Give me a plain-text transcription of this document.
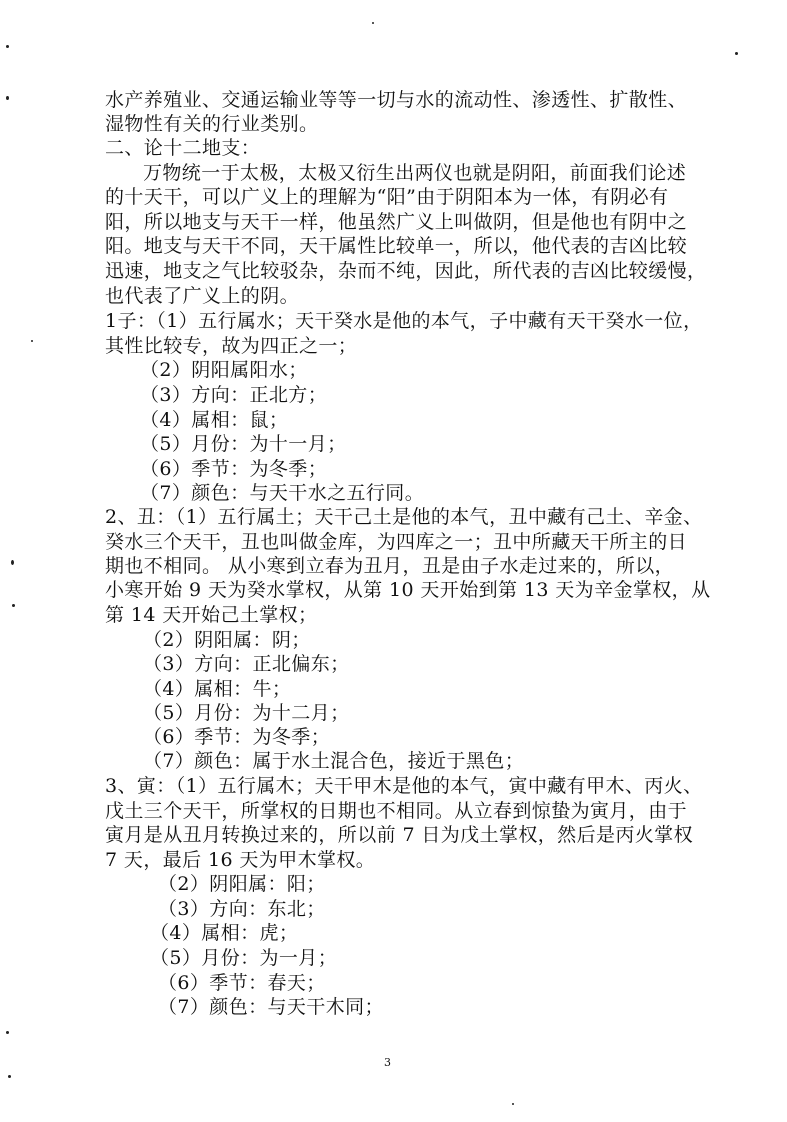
水产养殖业、交通运输业等等一切与水的流动性、渗透性、扩散性、
湿物性有关的行业类别。
二、论十二地支：
万物统一于太极，太极又衍生出两仪也就是阴阳，前面我们论述
的十天干，可以广义上的理解为“阳”由于阴阳本为一体，有阴必有
阳，所以地支与天干一样，他虽然广义上叫做阴，但是他也有阴中之
阳。地支与天干不同，天干属性比较单一，所以，他代表的吉凶比较
迅速，地支之气比较驳杂，杂而不纯，因此，所代表的吉凶比较缓慢，
也代表了广义上的阴。
1子：（1）五行属水；天干癸水是他的本气，子中藏有天干癸水一位，
其性比较专，故为四正之一；
（2）阴阳属阳水；
（3）方向：正北方；
（4）属相：鼠；
（5）月份：为十一月；
（6）季节：为冬季；
（7）颜色：与天干水之五行同。
2、丑：（1）五行属土；天干己土是他的本气，丑中藏有己土、辛金、
癸水三个天干，丑也叫做金库，为四库之一；丑中所藏天干所主的日
期也不相同。 从小寒到立春为丑月，丑是由子水走过来的，所以，
小寒开始 9 天为癸水掌权，从第 10 天开始到第 13 天为辛金掌权，从
第 14 天开始己土掌权；
（2）阴阳属：阴；
（3）方向：正北偏东；
（4）属相：牛；
（5）月份：为十二月；
（6）季节：为冬季；
（7）颜色：属于水土混合色，接近于黑色；
3、寅：（1）五行属木；天干甲木是他的本气，寅中藏有甲木、丙火、
戊土三个天干，所掌权的日期也不相同。从立春到惊蛰为寅月，由于
寅月是从丑月转换过来的，所以前 7 日为戊土掌权，然后是丙火掌权
7 天，最后 16 天为甲木掌权。
（2）阴阳属：阳；
（3）方向：东北；
（4）属相：虎；
（5）月份：为一月；
（6）季节：春天；
（7）颜色：与天干木同；
3
